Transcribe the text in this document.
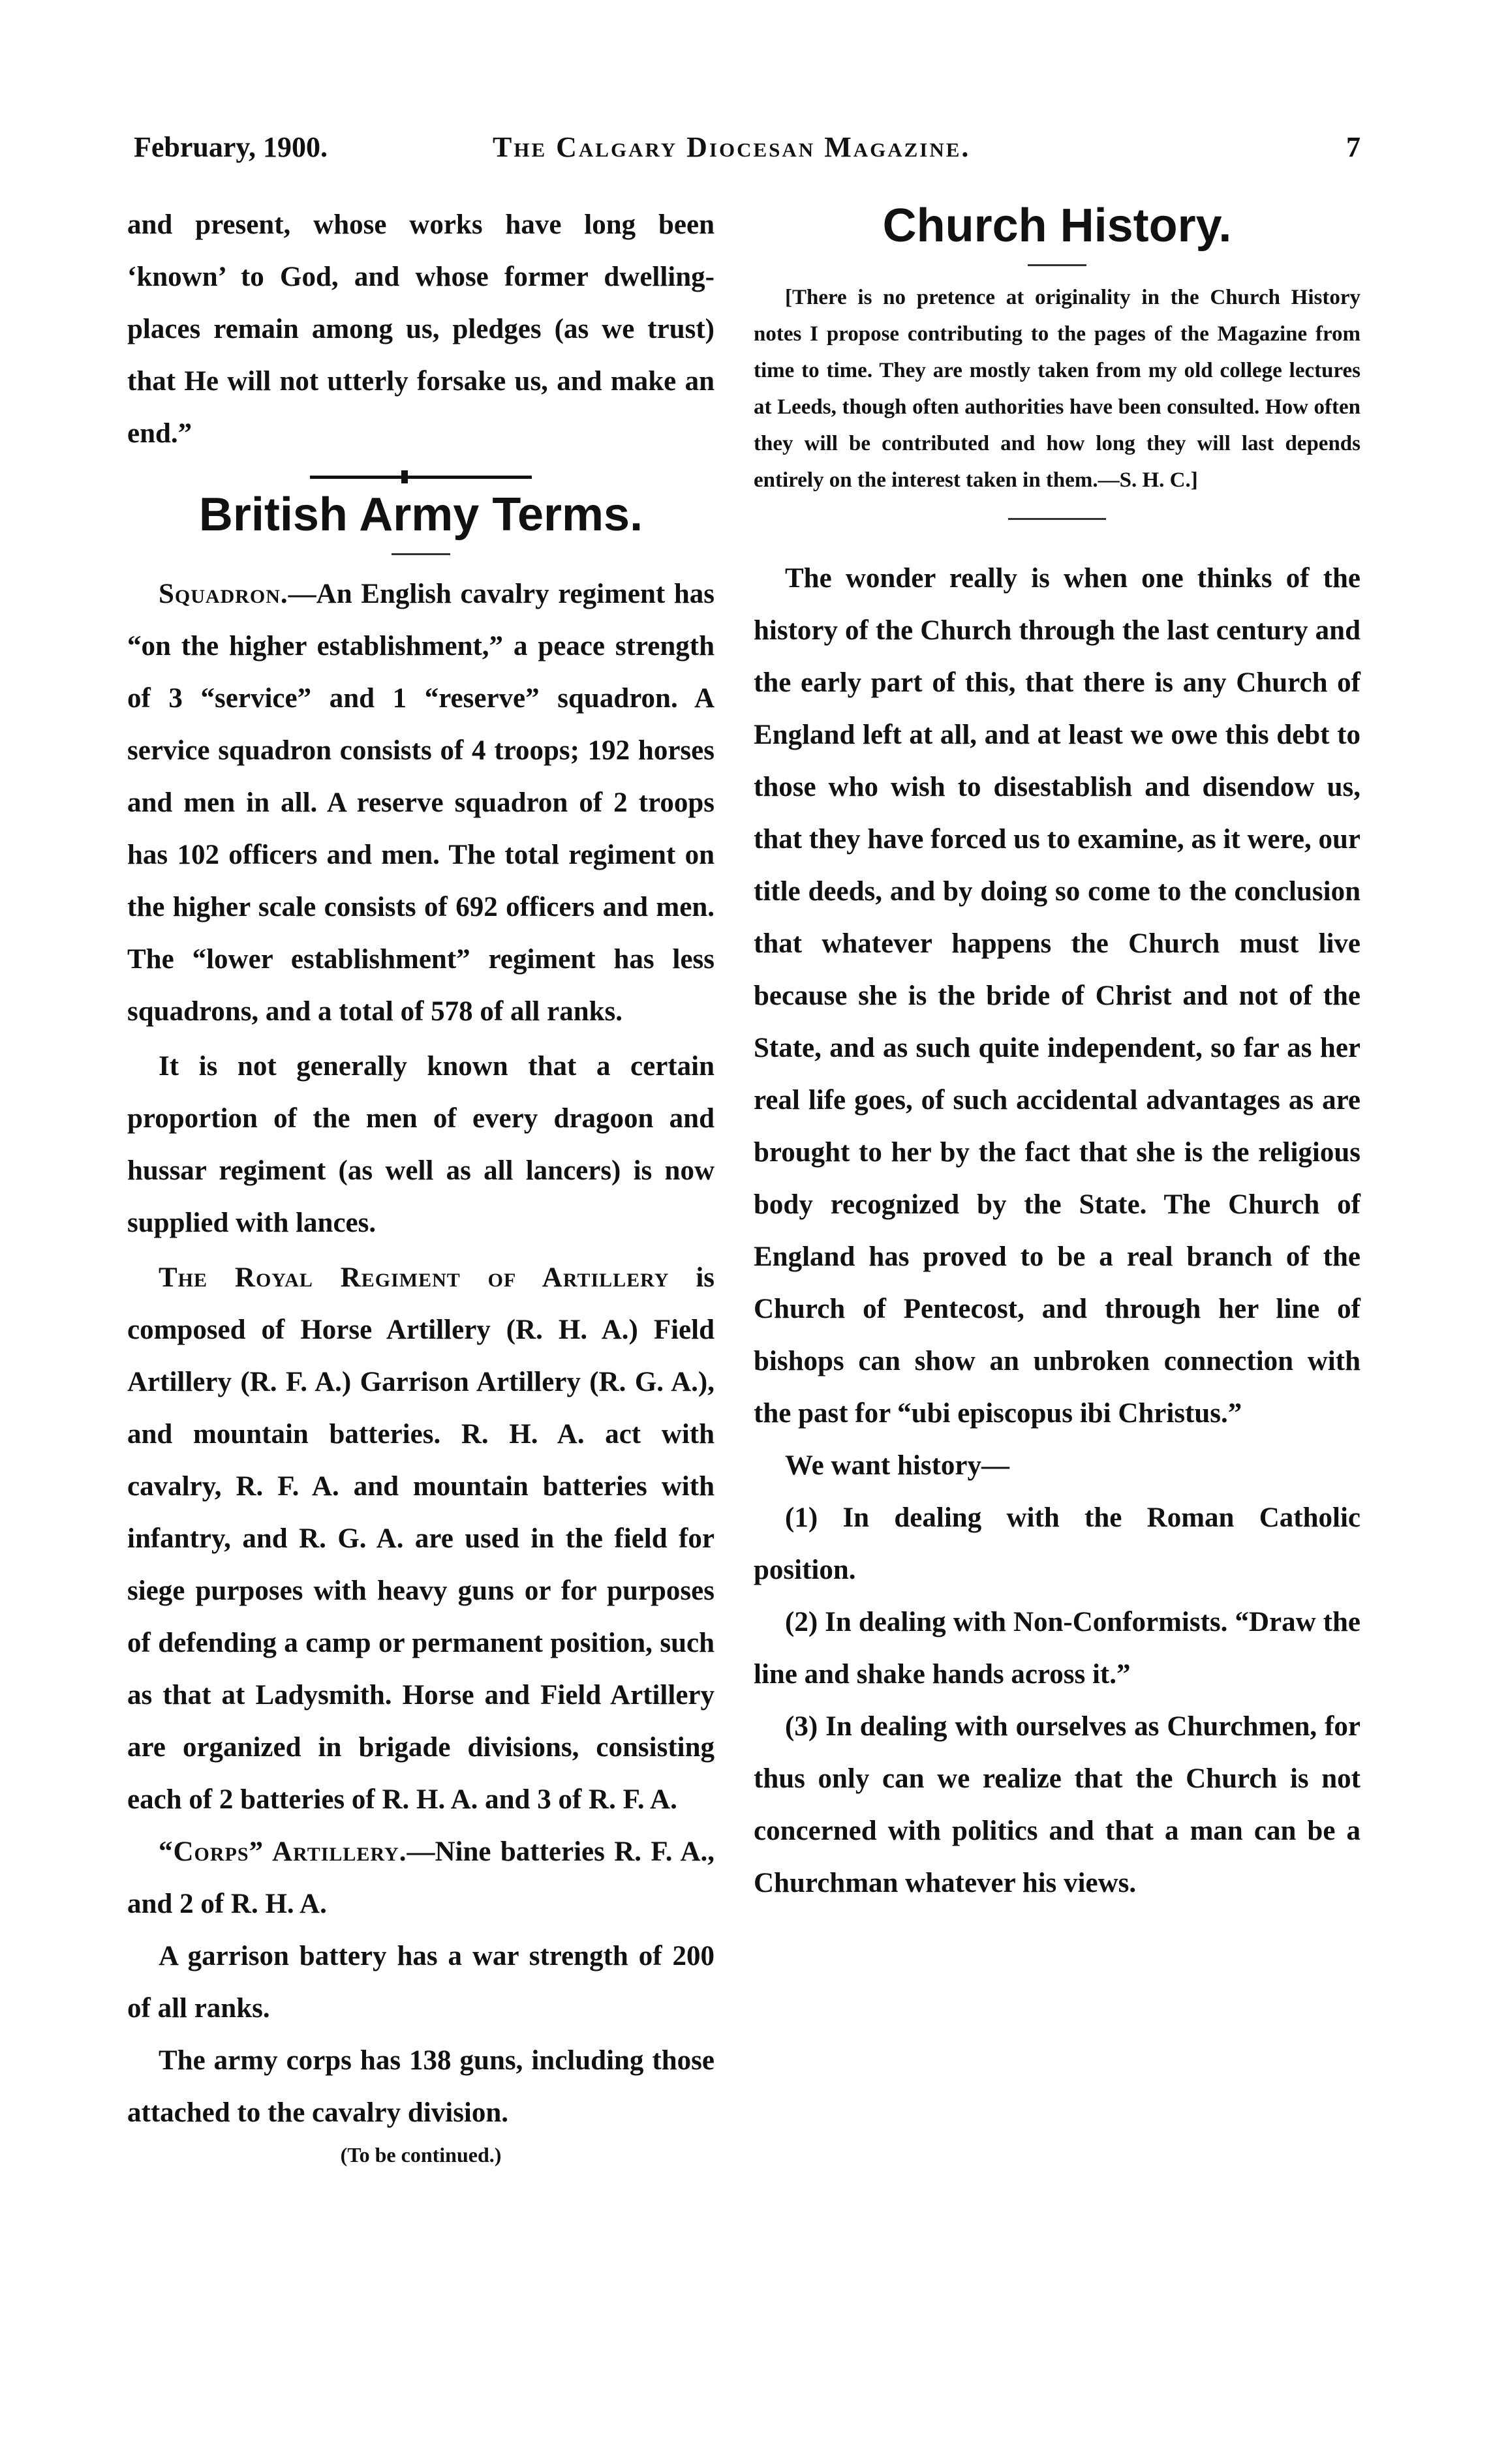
February, 1900.	The Calgary Diocesan Magazine.	7

and present, whose works have long been ‘known’ to God, and whose former dwelling-places remain among us, pledges (as we trust) that He will not utterly forsake us, and make an end.”

British Army Terms.

Squadron.—An English cavalry regiment has “on the higher establishment,” a peace strength of 3 “service” and 1 “reserve” squadron. A service squadron consists of 4 troops; 192 horses and men in all. A reserve squadron of 2 troops has 102 officers and men. The total regiment on the higher scale consists of 692 officers and men. The “lower establishment” regiment has less squadrons, and a total of 578 of all ranks.

It is not generally known that a certain proportion of the men of every dragoon and hussar regiment (as well as all lancers) is now supplied with lances.

The Royal Regiment of Artillery is composed of Horse Artillery (R. H. A.) Field Artillery (R. F. A.) Garrison Artillery (R. G. A.), and mountain batteries. R. H. A. act with cavalry, R. F. A. and mountain batteries with infantry, and R. G. A. are used in the field for siege purposes with heavy guns or for purposes of defending a camp or permanent position, such as that at Ladysmith. Horse and Field Artillery are organized in brigade divisions, consisting each of 2 batteries of R. H. A. and 3 of R. F. A.

“Corps” Artillery.—Nine batteries R. F. A., and 2 of R. H. A.

A garrison battery has a war strength of 200 of all ranks.

The army corps has 138 guns, including those attached to the cavalry division.

(To be continued.)
Church History.

[There is no pretence at originality in the Church History notes I propose contributing to the pages of the Magazine from time to time. They are mostly taken from my old college lectures at Leeds, though often authorities have been consulted. How often they will be contributed and how long they will last depends entirely on the interest taken in them.—S. H. C.]

The wonder really is when one thinks of the history of the Church through the last century and the early part of this, that there is any Church of England left at all, and at least we owe this debt to those who wish to disestablish and disendow us, that they have forced us to examine, as it were, our title deeds, and by doing so come to the conclusion that whatever happens the Church must live because she is the bride of Christ and not of the State, and as such quite independent, so far as her real life goes, of such accidental advantages as are brought to her by the fact that she is the religious body recognized by the State. The Church of England has proved to be a real branch of the Church of Pentecost, and through her line of bishops can show an unbroken connection with the past for “ubi episcopus ibi Christus.”

We want history—

(1) In dealing with the Roman Catholic position.

(2) In dealing with Non-Conformists. “Draw the line and shake hands across it.”

(3) In dealing with ourselves as Churchmen, for thus only can we realize that the Church is not concerned with politics and that a man can be a Churchman whatever his views.
